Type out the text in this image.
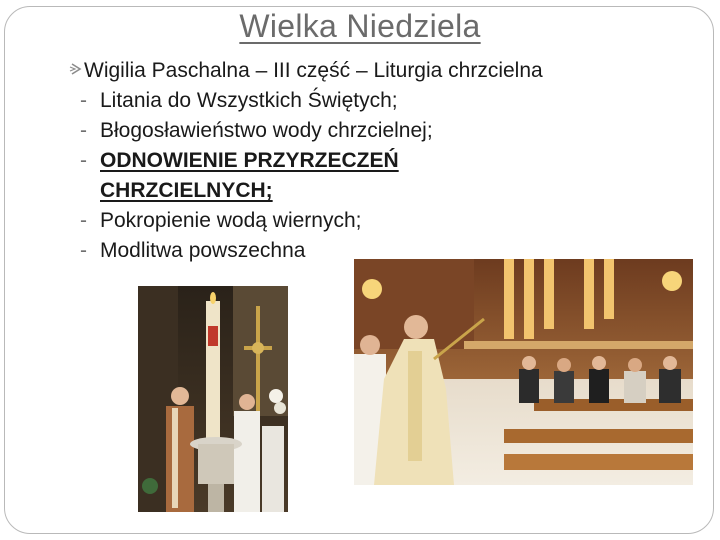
Wielka Niedziela
Wigilia Paschalna – III część – Liturgia chrzcielna
- Litania do Wszystkich Świętych;
- Błogosławieństwo wody chrzcielnej;
- ODNOWIENIE PRZYRZECZEŃ CHRZCIELNYCH;
- Pokropienie wodą wiernych;
- Modlitwa powszechna
